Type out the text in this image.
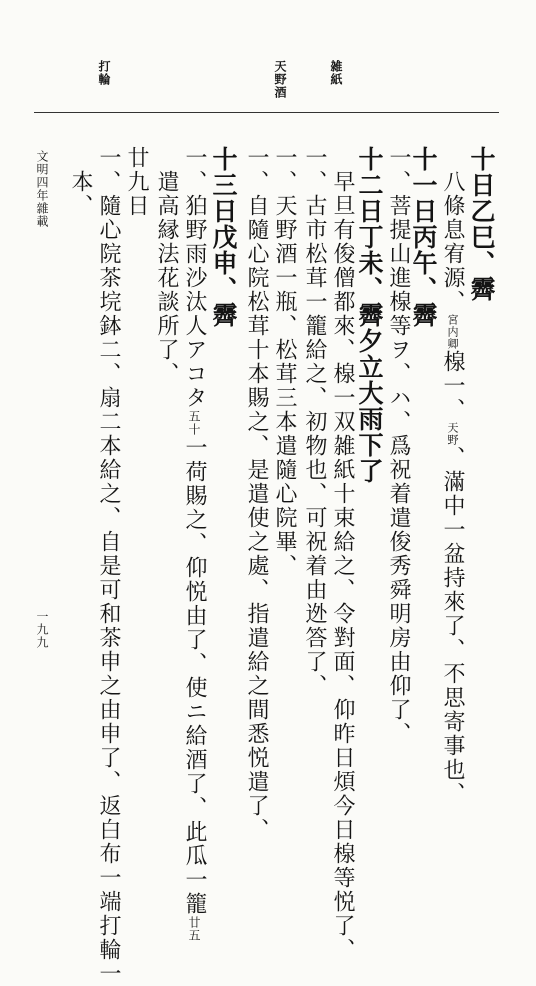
雑紙
天野酒
打輪
十日乙巳、霽
八條息宥源、宮内卿楾一、天野、滿中一盆持來了、不思寄事也、
十一日丙午、霽
一、菩提山進楾等ヲ、ハ、爲祝着遣俊秀舜明房由仰了、
十二日丁未、霽夕立大雨下了
早旦有俊僧都來、楾一双雑紙十束給之、令對面、仰昨日煩今日楾等悦了、
一、古市松茸一籠給之、初物也、可祝着由迯答了、
一、天野酒一瓶、松茸三本遣隨心院畢、
一、自隨心院松茸十本賜之、是遣使之處、指遣給之間悉悦遣了、
十三日戊申、霽
一、狛野雨沙汰人アコタ五十一荷賜之、仰悦由了、使ニ給酒了、此瓜一籠廿五
遣高縁法花談所了、
廿九日
一、隨心院茶垸鉢二、扇二本給之、自是可和茶申之由申了、返白布一端打輪一
本、
文明四年雜載
一九九
